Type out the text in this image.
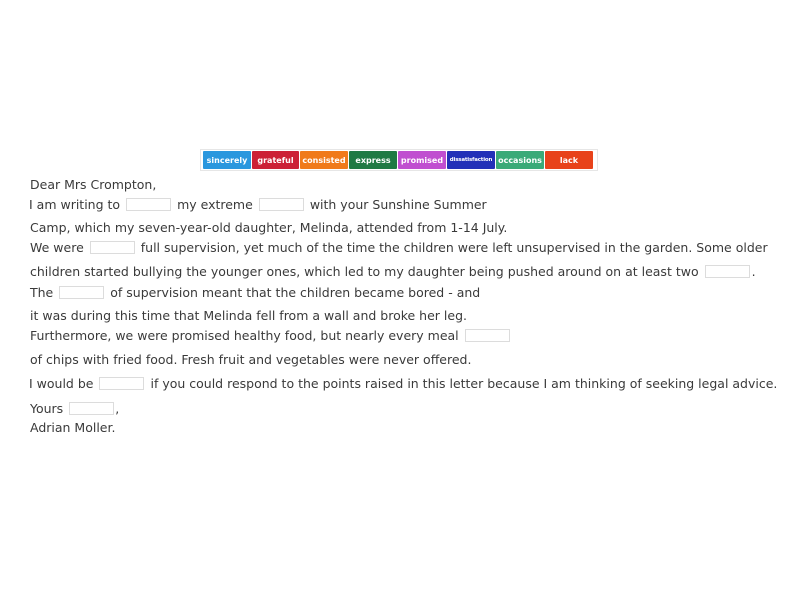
sincerely	grateful	consisted	express	promised	dissatisfaction occasions	lack
Dear Mrs Crompton,
I am writing to	my extreme	with your Sunshine Summer
Camp, which my seven-year-old daughter, Melinda, attended from 1-14 July.
We were	full supervision, yet much of the time the children were left unsupervised in the garden. Some older
children started bullying the younger ones, which led to my daughter being pushed around on at least two	.
The	of supervision meant that the children became bored - and
it was during this time that Melinda fell from a wall and broke her leg.
Furthermore, we were promised healthy food, but nearly every meal
of chips with fried food. Fresh fruit and vegetables were never offered.
I would be	if you could respond to the points raised in this letter because I am thinking of seeking legal advice.
Yours	,
Adrian Moller.
